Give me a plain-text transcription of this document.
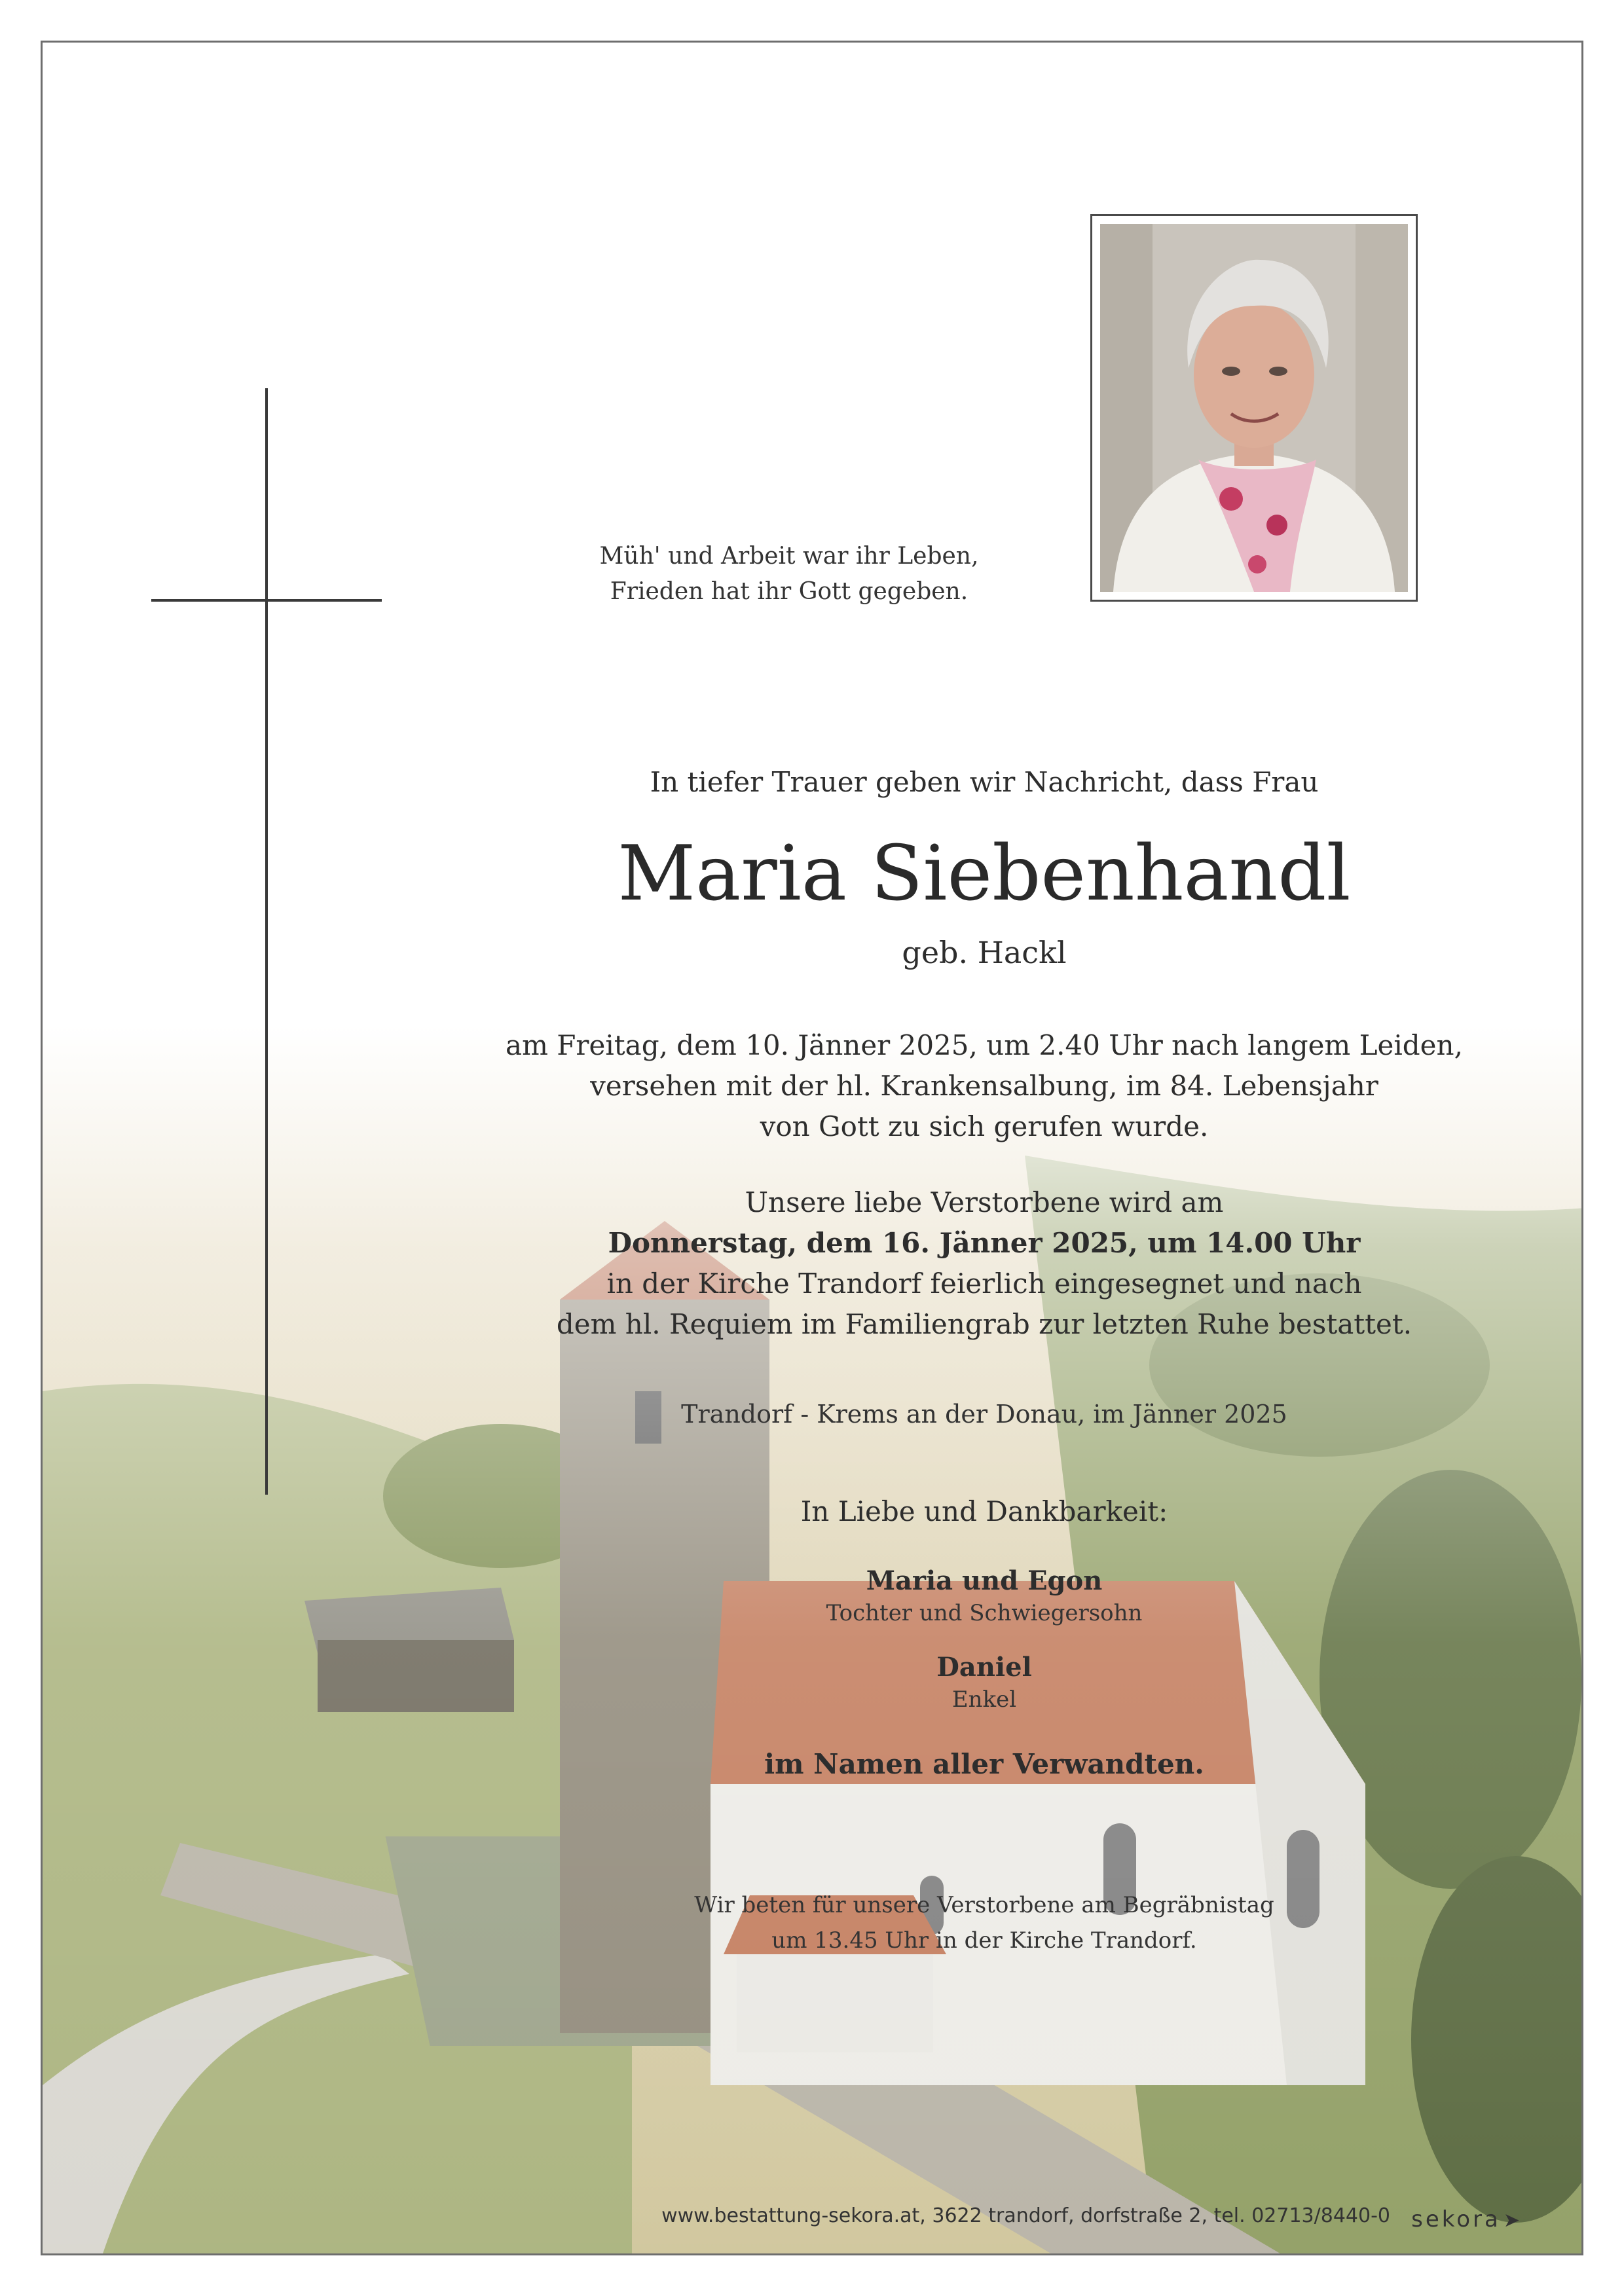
Müh' und Arbeit war ihr Leben,
Frieden hat ihr Gott gegeben.
In tiefer Trauer geben wir Nachricht, dass Frau
Maria Siebenhandl
geb. Hackl
am Freitag, dem 10. Jänner 2025, um 2.40 Uhr nach langem Leiden,
versehen mit der hl. Krankensalbung, im 84. Lebensjahr
von Gott zu sich gerufen wurde.
Unsere liebe Verstorbene wird am
Donnerstag, dem 16. Jänner 2025, um 14.00 Uhr
in der Kirche Trandorf feierlich eingesegnet und nach
dem hl. Requiem im Familiengrab zur letzten Ruhe bestattet.
Trandorf - Krems an der Donau, im Jänner 2025
In Liebe und Dankbarkeit:
Maria und Egon
Tochter und Schwiegersohn
Daniel
Enkel
im Namen aller Verwandten.
Wir beten für unsere Verstorbene am Begräbnistag
um 13.45 Uhr in der Kirche Trandorf.
www.bestattung-sekora.at, 3622 trandorf, dorfstraße 2, tel. 02713/8440-0 sekora ➤
